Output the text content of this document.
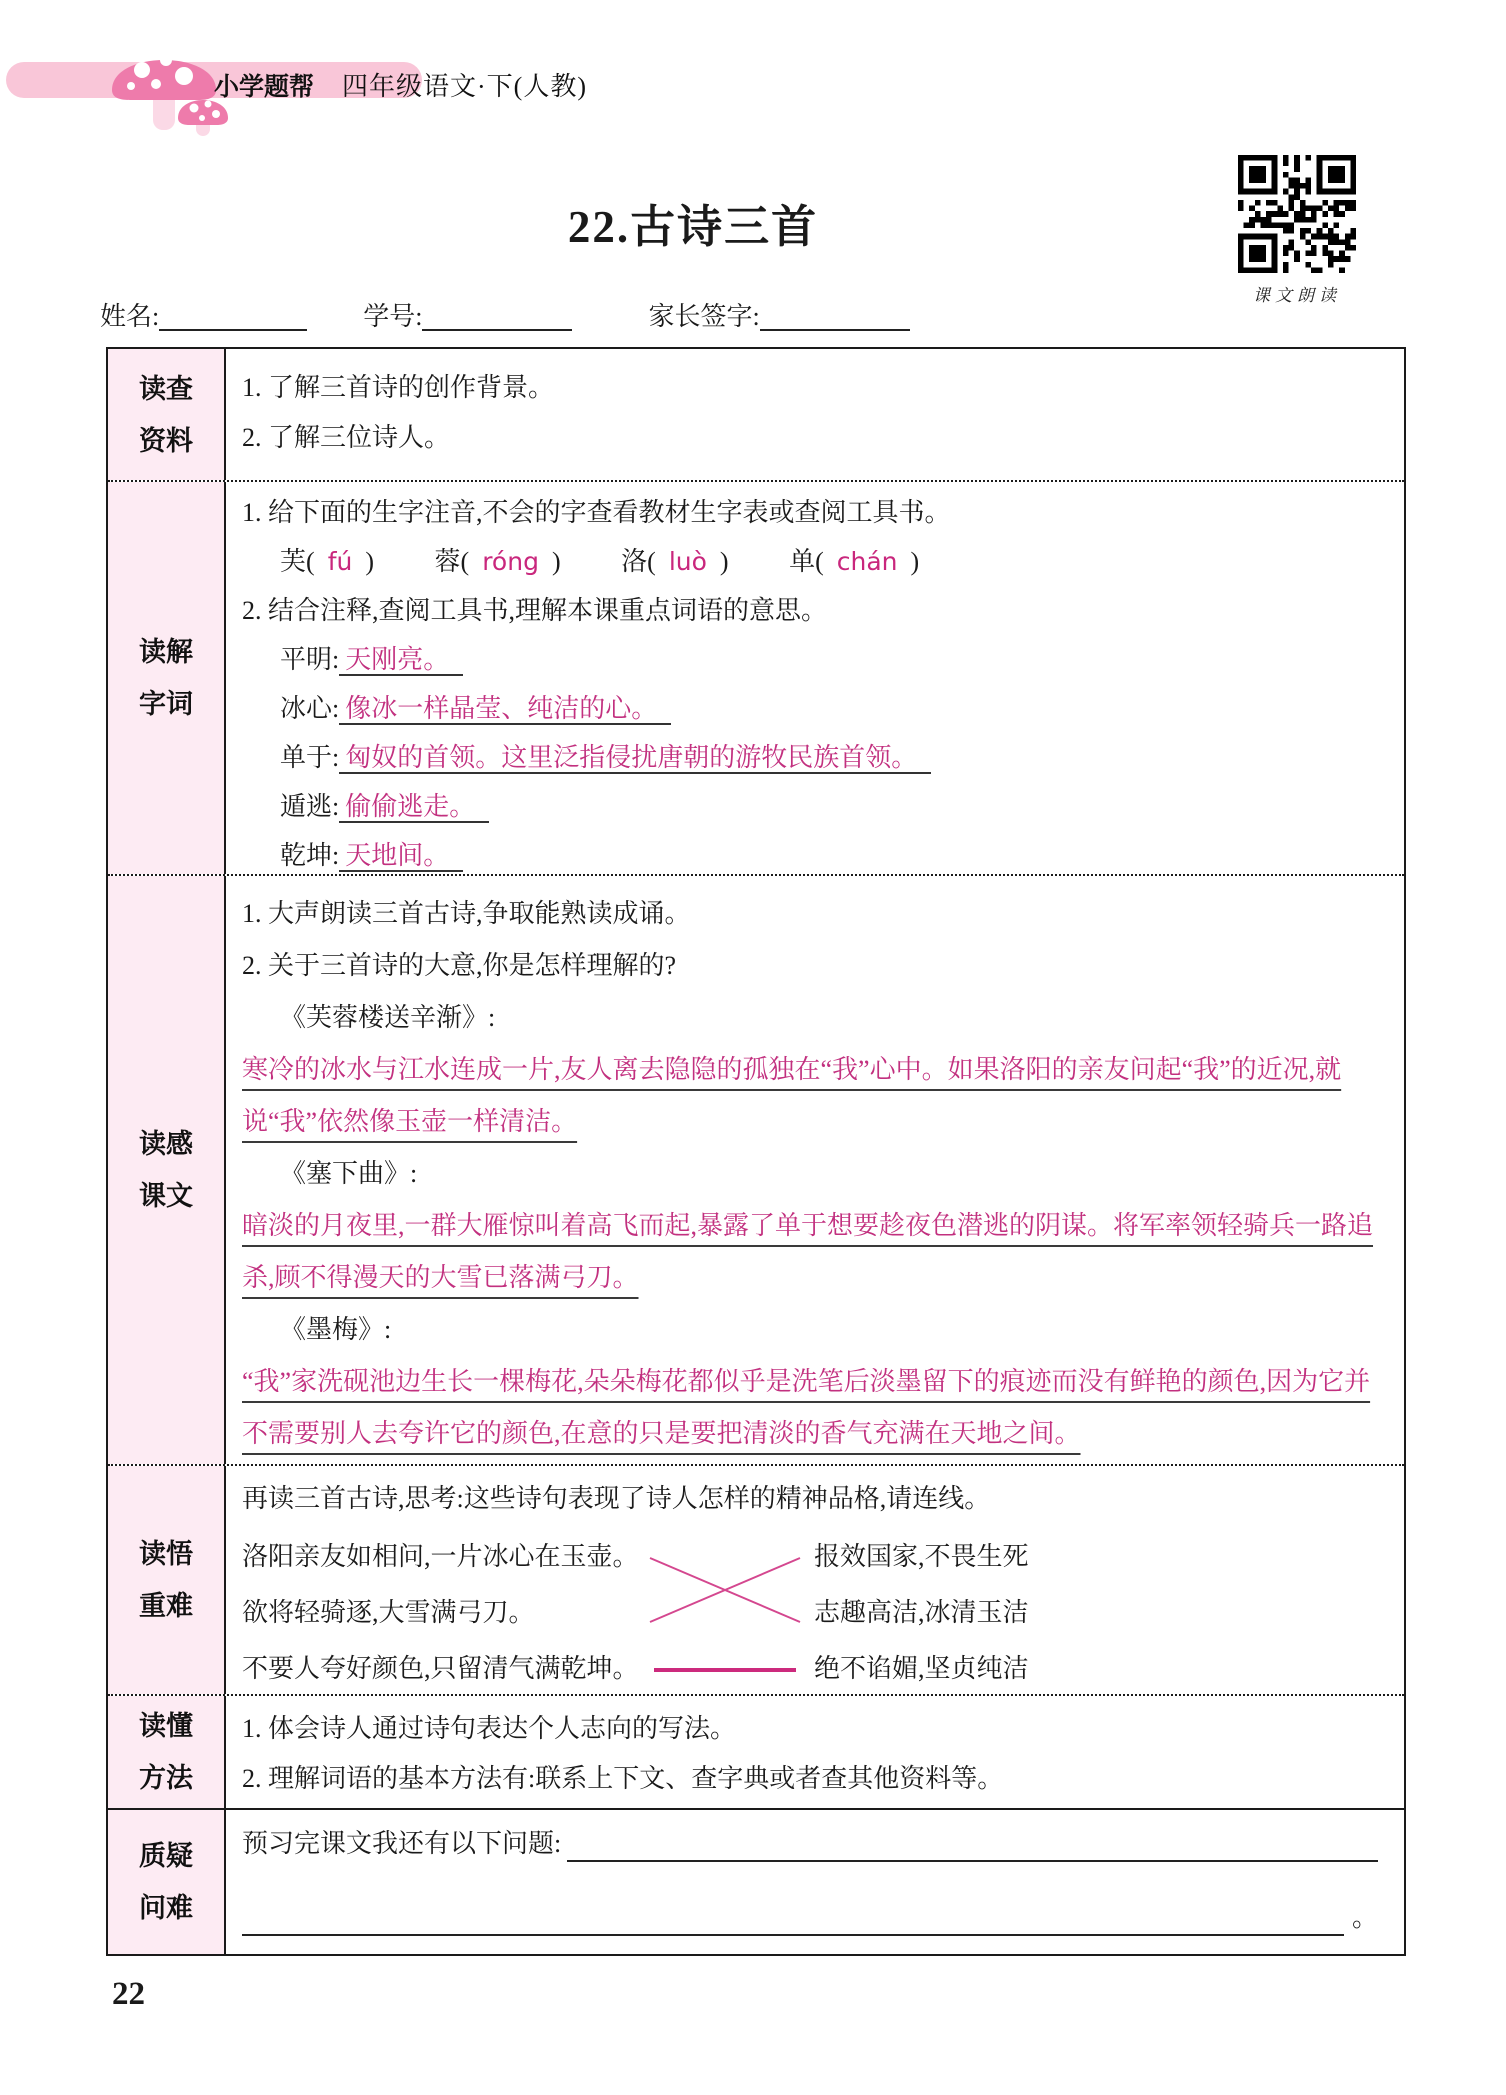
小学题帮 四年级语文·下(人教)
22.古诗三首
课文朗读
姓名:	学号:	家长签字:
读查
资料
1. 了解三首诗的创作背景。
2. 了解三位诗人。
读解
字词
1. 给下面的生字注音,不会的字查看教材生字表或查阅工具书。
芙( fú ) 蓉( róng ) 洛( luò ) 单( chán )
2. 结合注释,查阅工具书,理解本课重点词语的意思。
平明: 天刚亮。
冰心: 像冰一样晶莹、纯洁的心。
单于: 匈奴的首领。这里泛指侵扰唐朝的游牧民族首领。
遁逃: 偷偷逃走。
乾坤: 天地间。
读感
课文
1. 大声朗读三首古诗,争取能熟读成诵。
2. 关于三首诗的大意,你是怎样理解的?
《芙蓉楼送辛渐》:
寒冷的冰水与江水连成一片,友人离去隐隐的孤独在“我”心中。如果洛阳的亲友问起“我”的近况,就说“我”依然像玉壶一样清洁。
《塞下曲》:
暗淡的月夜里,一群大雁惊叫着高飞而起,暴露了单于想要趁夜色潜逃的阴谋。将军率领轻骑兵一路追杀,顾不得漫天的大雪已落满弓刀。
《墨梅》:
“我”家洗砚池边生长一棵梅花,朵朵梅花都似乎是洗笔后淡墨留下的痕迹而没有鲜艳的颜色,因为它并不需要别人去夸许它的颜色,在意的只是要把清淡的香气充满在天地之间。
读悟
重难
再读三首古诗,思考:这些诗句表现了诗人怎样的精神品格,请连线。
洛阳亲友如相问,一片冰心在玉壶。
欲将轻骑逐,大雪满弓刀。
不要人夸好颜色,只留清气满乾坤。
报效国家,不畏生死
志趣高洁,冰清玉洁
绝不谄媚,坚贞纯洁
读懂
方法
1. 体会诗人通过诗句表达个人志向的写法。
2. 理解词语的基本方法有:联系上下文、查字典或者查其他资料等。
质疑
问难
预习完课文我还有以下问题:
。
22
